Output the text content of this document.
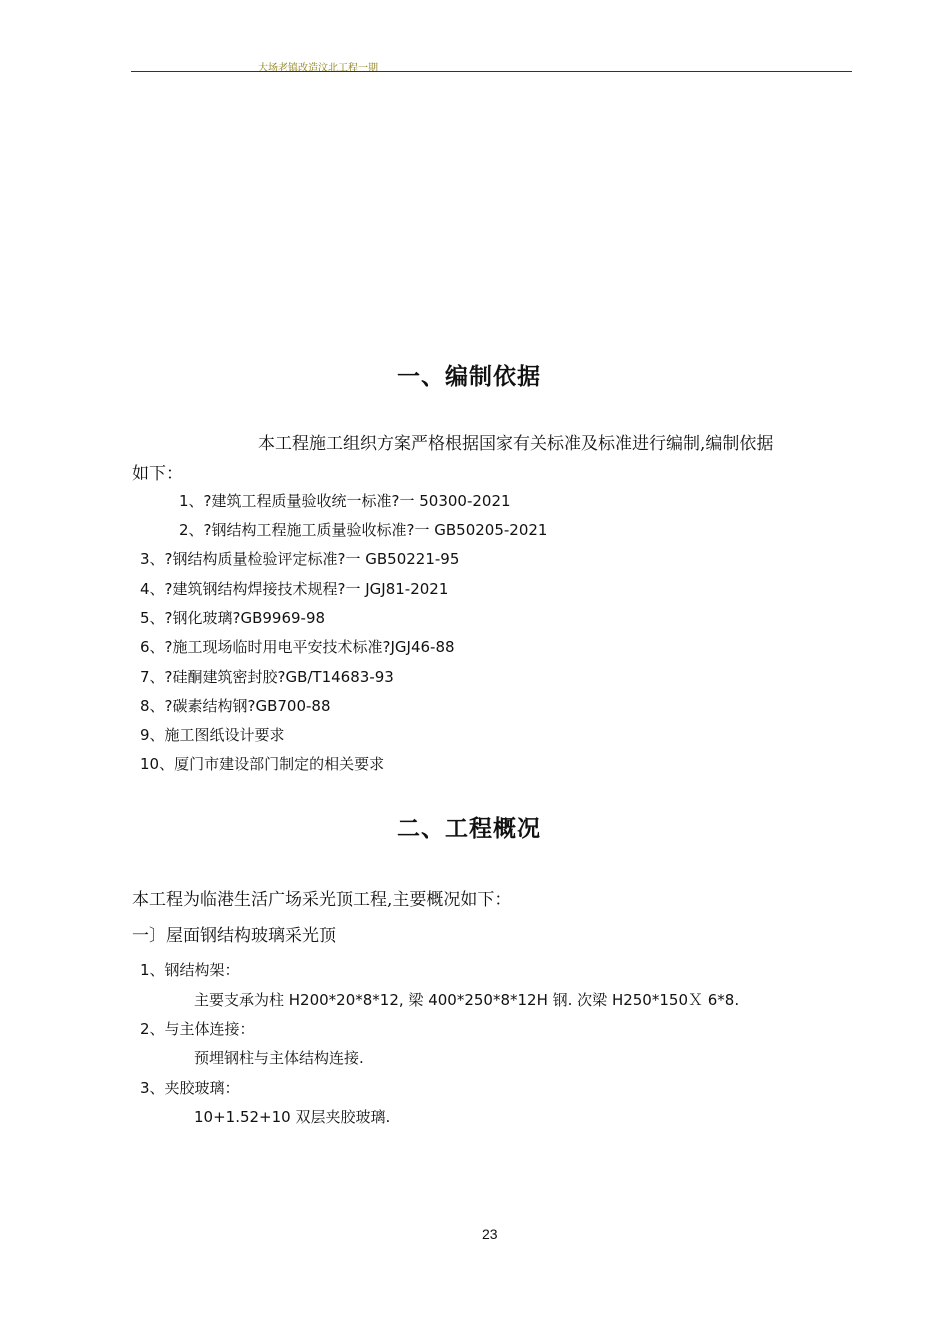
大场老镇改造汶北工程一期
一、编制依据
本工程施工组织方案严格根据国家有关标准及标准进行编制,编制依据
如下：
1、?建筑工程质量验收统一标准?一 50300-2021
2、?钢结构工程施工质量验收标准?一 GB50205-2021
3、?钢结构质量检验评定标准?一 GB50221-95
4、?建筑钢结构焊接技术规程?一 JGJ81-2021
5、?钢化玻璃?GB9969-98
6、?施工现场临时用电平安技术标准?JGJ46-88
7、?硅酮建筑密封胶?GB/T14683-93
8、?碳素结构钢?GB700-88
9、施工图纸设计要求
10、厦门市建设部门制定的相关要求
二、工程概况
本工程为临港生活广场采光顶工程,主要概况如下：
一〕屋面钢结构玻璃采光顶
1、钢结构架：
主要支承为柱 H200*20*8*12, 梁 400*250*8*12H 钢. 次梁 H250*150Ｘ 6*8.
2、与主体连接：
预埋钢柱与主体结构连接.
3、夹胶玻璃：
10+1.52+10 双层夹胶玻璃.
23
